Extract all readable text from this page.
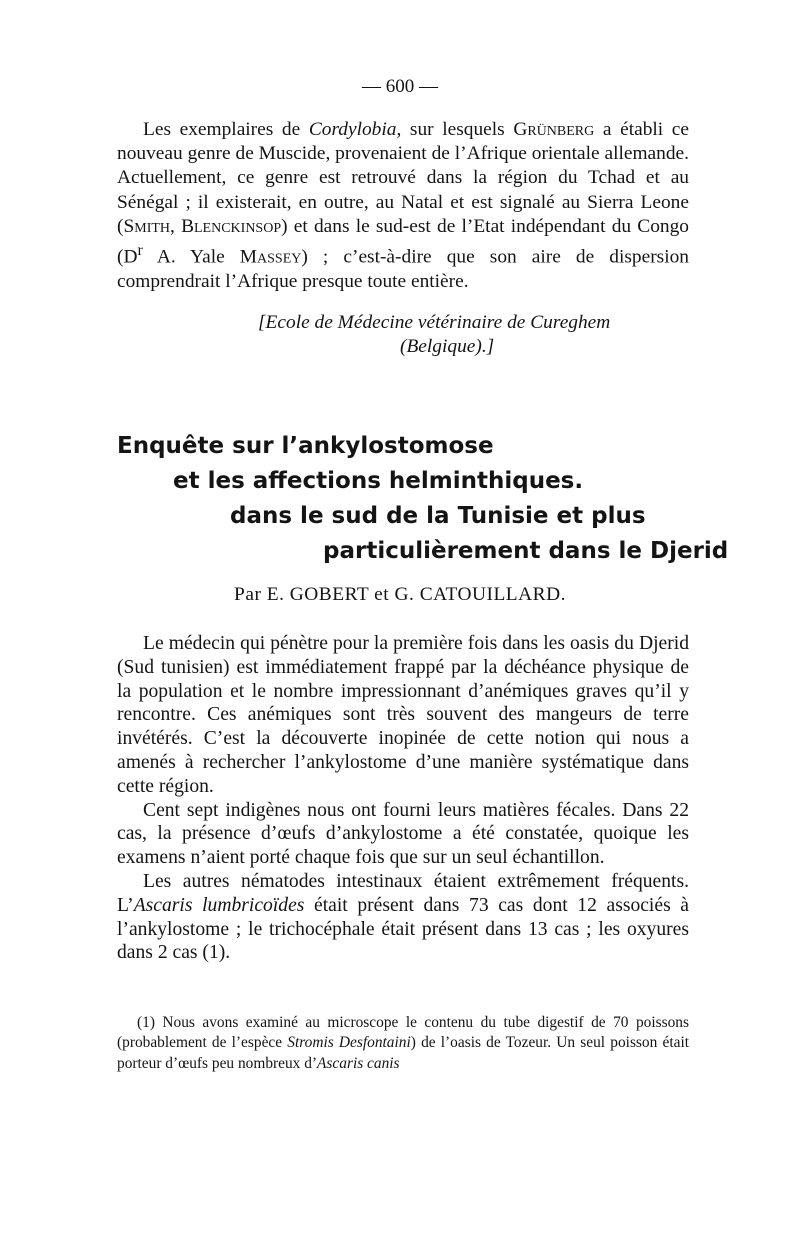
— 600 —

Les exemplaires de Cordylobia, sur lesquels Grünberg a établi ce nouveau genre de Muscide, provenaient de l’Afrique orientale allemande. Actuellement, ce genre est retrouvé dans la région du Tchad et au Sénégal ; il existerait, en outre, au Natal et est signalé au Sierra Leone (Smith, Blenckinsop) et dans le sud-est de l’Etat indépendant du Congo ($D^r$ A. Yale Massey) ; c’est-à-dire que son aire de dispersion comprendrait l’Afrique presque toute entière.

[Ecole de Médecine vétérinaire de Cureghem
(Belgique).]
Enquête sur l’ankylostomose
et les affections helminthiques.
dans le sud de la Tunisie et plus
particulièrement dans le Djerid
Par E. GOBERT et G. CATOUILLARD.

Le médecin qui pénètre pour la première fois dans les oasis du Djerid (Sud tunisien) est immédiatement frappé par la déchéance physique de la population et le nombre impressionnant d’anémiques graves qu’il y rencontre. Ces anémiques sont très souvent des mangeurs de terre invétérés. C’est la découverte inopinée de cette notion qui nous a amenés à rechercher l’ankylostome d’une manière systématique dans cette région.

Cent sept indigènes nous ont fourni leurs matières fécales. Dans 22 cas, la présence d’œufs d’ankylostome a été constatée, quoique les examens n’aient porté chaque fois que sur un seul échantillon.

Les autres nématodes intestinaux étaient extrêmement fréquents. L’Ascaris lumbricoïdes était présent dans 73 cas dont 12 associés à l’ankylostome ; le trichocéphale était présent dans 13 cas ; les oxyures dans 2 cas (1).

(1) Nous avons examiné au microscope le contenu du tube digestif de 70 poissons (probablement de l’espèce Stromis Desfontaini) de l’oasis de Tozeur. Un seul poisson était porteur d’œufs peu nombreux d’Ascaris canis
